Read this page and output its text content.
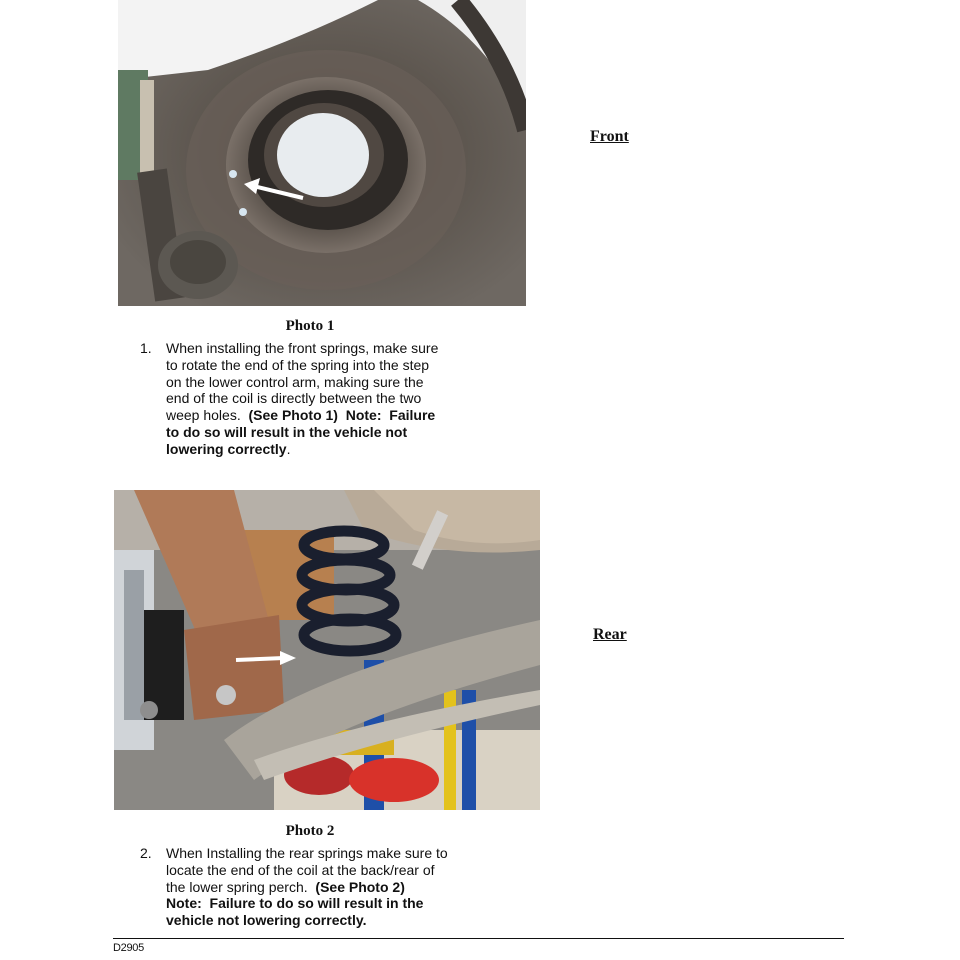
Photo 1
Front
1. When installing the front springs, make sure
to rotate the end of the spring into the step
on the lower control arm, making sure the
end of the coil is directly between the two
weep holes.  (See Photo 1)  Note:  Failure
to do so will result in the vehicle not
lowering correctly.
Rear
Photo 2
2. When Installing the rear springs make sure to
locate the end of the coil at the back/rear of
the lower spring perch.  (See Photo 2)
Note:  Failure to do so will result in the
vehicle not lowering correctly.
D2905
